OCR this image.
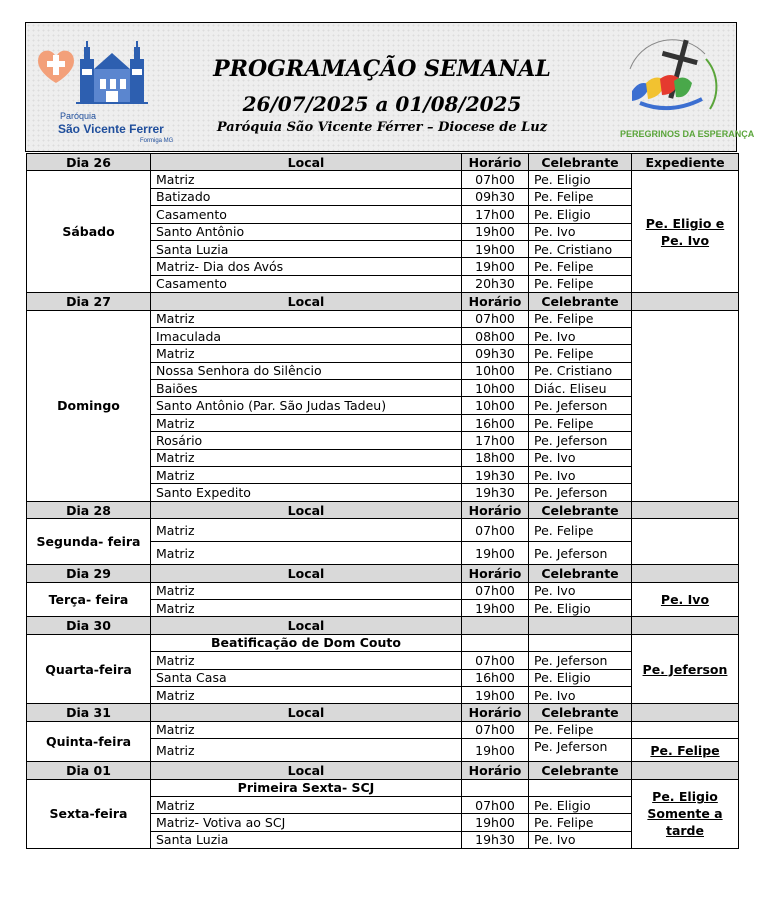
Paróquia
São Vicente Ferrer
Formiga MG
PROGRAMAÇÃO SEMANAL
26/07/2025 a 01/08/2025
Paróquia São Vicente Férrer – Diocese de Luz	PEREGRINOS DA ESPERANÇA
Dia 26	Local	Horário	Celebrante	Expediente
Sábado	Matriz	07h00	Pe. Eligio	Pe. Eligio e Pe. Ivo
	Batizado	09h30	Pe. Felipe	
	Casamento	17h00	Pe. Eligio	
	Santo Antônio	19h00	Pe. Ivo	
	Santa Luzia	19h00	Pe. Cristiano	
	Matriz- Dia dos Avós	19h00	Pe. Felipe	
	Casamento	20h30	Pe. Felipe	
Dia 27	Local	Horário	Celebrante	
Domingo	Matriz	07h00	Pe. Felipe	
	Imaculada	08h00	Pe. Ivo	
	Matriz	09h30	Pe. Felipe	
	Nossa Senhora do Silêncio	10h00	Pe. Cristiano	
	Baiões	10h00	Diác. Eliseu	
	Santo Antônio (Par. São Judas Tadeu)	10h00	Pe. Jeferson	
	Matriz	16h00	Pe. Felipe	
	Rosário	17h00	Pe. Jeferson	
	Matriz	18h00	Pe. Ivo	
	Matriz	19h30	Pe. Ivo	
	Santo Expedito	19h30	Pe. Jeferson	
Dia 28	Local	Horário	Celebrante	
Segunda- feira	Matriz	07h00	Pe. Felipe	
	Matriz	19h00	Pe. Jeferson	
Dia 29	Local	Horário	Celebrante	
Terça- feira	Matriz	07h00	Pe. Ivo	Pe. Ivo
	Matriz	19h00	Pe. Eligio	
Dia 30	Local			
Quarta-feira	Beatificação de Dom Couto			Pe. Jeferson
	Matriz	07h00	Pe. Jeferson	
	Santa Casa	16h00	Pe. Eligio	
	Matriz	19h00	Pe. Ivo	
Dia 31	Local	Horário	Celebrante	
Quinta-feira	Matriz	07h00	Pe. Felipe	
	Matriz	19h00	Pe. Jeferson	Pe. Felipe
Dia 01	Local	Horário	Celebrante	
Sexta-feira	Primeira Sexta- SCJ			Pe. Eligio Somente a tarde
	Matriz	07h00	Pe. Eligio	
	Matriz- Votiva ao SCJ	19h00	Pe. Felipe	
	Santa Luzia	19h30	Pe. Ivo	
